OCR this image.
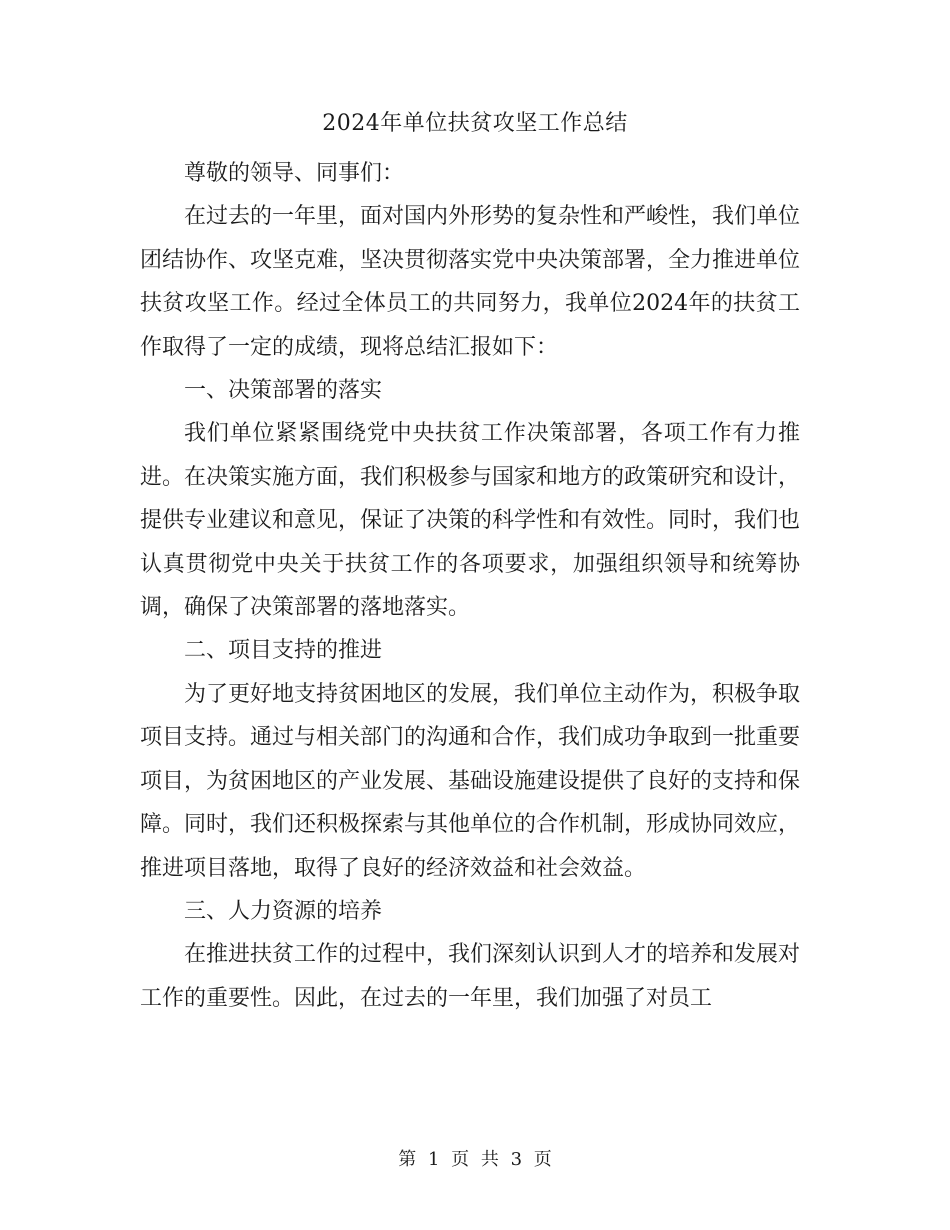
2024年单位扶贫攻坚工作总结

尊敬的领导、同事们：

在过去的一年里，面对国内外形势的复杂性和严峻性，我们单位团结协作、攻坚克难，坚决贯彻落实党中央决策部署，全力推进单位扶贫攻坚工作。经过全体员工的共同努力，我单位2024年的扶贫工作取得了一定的成绩，现将总结汇报如下：

一、决策部署的落实

我们单位紧紧围绕党中央扶贫工作决策部署，各项工作有力推进。在决策实施方面，我们积极参与国家和地方的政策研究和设计，提供专业建议和意见，保证了决策的科学性和有效性。同时，我们也认真贯彻党中央关于扶贫工作的各项要求，加强组织领导和统筹协调，确保了决策部署的落地落实。

二、项目支持的推进

为了更好地支持贫困地区的发展，我们单位主动作为，积极争取项目支持。通过与相关部门的沟通和合作，我们成功争取到一批重要项目，为贫困地区的产业发展、基础设施建设提供了良好的支持和保障。同时，我们还积极探索与其他单位的合作机制，形成协同效应，推进项目落地，取得了良好的经济效益和社会效益。

三、人力资源的培养

在推进扶贫工作的过程中，我们深刻认识到人才的培养和发展对工作的重要性。因此，在过去的一年里，我们加强了对员工

第 1 页 共 3 页
